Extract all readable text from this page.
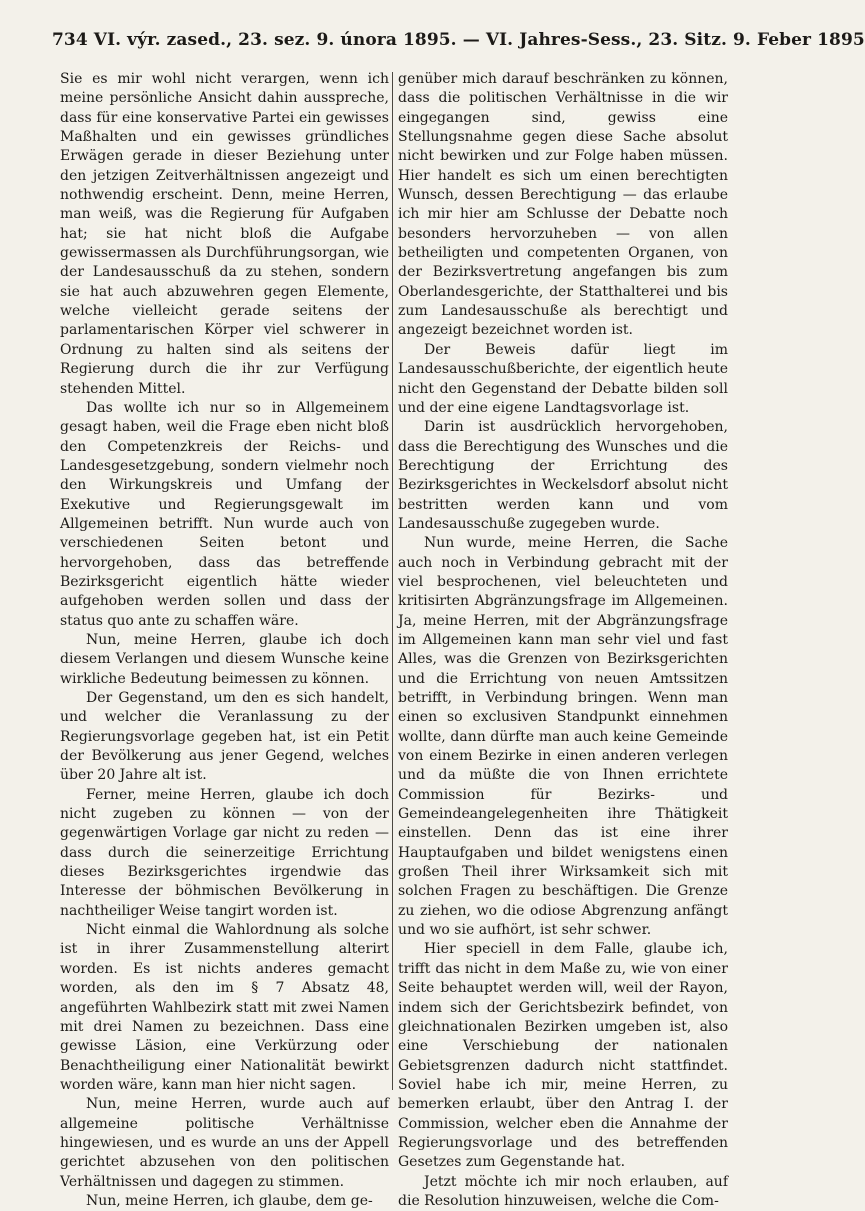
734 VI. výr. zased., 23. sez. 9. února 1895. — VI. Jahres-Sess., 23. Sitz. 9. Feber 1895

Sie es mir wohl nicht verargen, wenn ich meine persönliche Ansicht dahin ausspreche, dass für eine konservative Partei ein gewisses Maßhalten und ein gewisses gründliches Erwägen gerade in dieser Beziehung unter den jetzigen Zeitverhältnissen angezeigt und nothwendig erscheint. Denn, meine Herren, man weiß, was die Regierung für Aufgaben hat; sie hat nicht bloß die Aufgabe gewissermassen als Durchführungsorgan, wie der Landesausschuß da zu stehen, sondern sie hat auch abzuwehren gegen Elemente, welche vielleicht gerade seitens der parlamentarischen Körper viel schwerer in Ordnung zu halten sind als seitens der Regierung durch die ihr zur Verfügung stehenden Mittel.

Das wollte ich nur so in Allgemeinem gesagt haben, weil die Frage eben nicht bloß den Competenzkreis der Reichs- und Landesgesetzgebung, sondern vielmehr noch den Wirkungskreis und Umfang der Exekutive und Regierungsgewalt im Allgemeinen betrifft. Nun wurde auch von verschiedenen Seiten betont und hervorgehoben, dass das betreffende Bezirksgericht eigentlich hätte wieder aufgehoben werden sollen und dass der status quo ante zu schaffen wäre.

Nun, meine Herren, glaube ich doch diesem Verlangen und diesem Wunsche keine wirkliche Bedeutung beimessen zu können.

Der Gegenstand, um den es sich handelt, und welcher die Veranlassung zu der Regierungsvorlage gegeben hat, ist ein Petit der Bevölkerung aus jener Gegend, welches über 20 Jahre alt ist.

Ferner, meine Herren, glaube ich doch nicht zugeben zu können — von der gegenwärtigen Vorlage gar nicht zu reden — dass durch die seinerzeitige Errichtung dieses Bezirksgerichtes irgendwie das Interesse der böhmischen Bevölkerung in nachtheiliger Weise tangirt worden ist.

Nicht einmal die Wahlordnung als solche ist in ihrer Zusammenstellung alterirt worden. Es ist nichts anderes gemacht worden, als den im § 7 Absatz 48, angeführten Wahlbezirk statt mit zwei Namen mit drei Namen zu bezeichnen. Dass eine gewisse Läsion, eine Verkürzung oder Benachtheiligung einer Nationalität bewirkt worden wäre, kann man hier nicht sagen.

Nun, meine Herren, wurde auch auf allgemeine politische Verhältnisse hingewiesen, und es wurde an uns der Appell gerichtet abzusehen von den politischen Verhältnissen und dagegen zu stimmen.

Nun, meine Herren, ich glaube, dem ge-

genüber mich darauf beschränken zu können, dass die politischen Verhältnisse in die wir eingegangen sind, gewiss eine Stellungsnahme gegen diese Sache absolut nicht bewirken und zur Folge haben müssen. Hier handelt es sich um einen berechtigten Wunsch, dessen Berechtigung — das erlaube ich mir hier am Schlusse der Debatte noch besonders hervorzuheben — von allen betheiligten und competenten Organen, von der Bezirksvertretung angefangen bis zum Oberlandesgerichte, der Statthalterei und bis zum Landesausschuße als berechtigt und angezeigt bezeichnet worden ist.

Der Beweis dafür liegt im Landesausschußberichte, der eigentlich heute nicht den Gegenstand der Debatte bilden soll und der eine eigene Landtagsvorlage ist.

Darin ist ausdrücklich hervorgehoben, dass die Berechtigung des Wunsches und die Berechtigung der Errichtung des Bezirksgerichtes in Weckelsdorf absolut nicht bestritten werden kann und vom Landesausschuße zugegeben wurde.

Nun wurde, meine Herren, die Sache auch noch in Verbindung gebracht mit der viel besprochenen, viel beleuchteten und kritisirten Abgränzungsfrage im Allgemeinen. Ja, meine Herren, mit der Abgränzungsfrage im Allgemeinen kann man sehr viel und fast Alles, was die Grenzen von Bezirksgerichten und die Errichtung von neuen Amtssitzen betrifft, in Verbindung bringen. Wenn man einen so exclusiven Standpunkt einnehmen wollte, dann dürfte man auch keine Gemeinde von einem Bezirke in einen anderen verlegen und da müßte die von Ihnen errichtete Commission für Bezirks- und Gemeindeangelegenheiten ihre Thätigkeit einstellen. Denn das ist eine ihrer Hauptaufgaben und bildet wenigstens einen großen Theil ihrer Wirksamkeit sich mit solchen Fragen zu beschäftigen. Die Grenze zu ziehen, wo die odiose Abgrenzung anfängt und wo sie aufhört, ist sehr schwer.

Hier speciell in dem Falle, glaube ich, trifft das nicht in dem Maße zu, wie von einer Seite behauptet werden will, weil der Rayon, indem sich der Gerichtsbezirk befindet, von gleichnationalen Bezirken umgeben ist, also eine Verschiebung der nationalen Gebietsgrenzen dadurch nicht stattfindet. Soviel habe ich mir, meine Herren, zu bemerken erlaubt, über den Antrag I. der Commission, welcher eben die Annahme der Regierungsvorlage und des betreffenden Gesetzes zum Gegenstande hat.

Jetzt möchte ich mir noch erlauben, auf die Resolution hinzuweisen, welche die Com-
